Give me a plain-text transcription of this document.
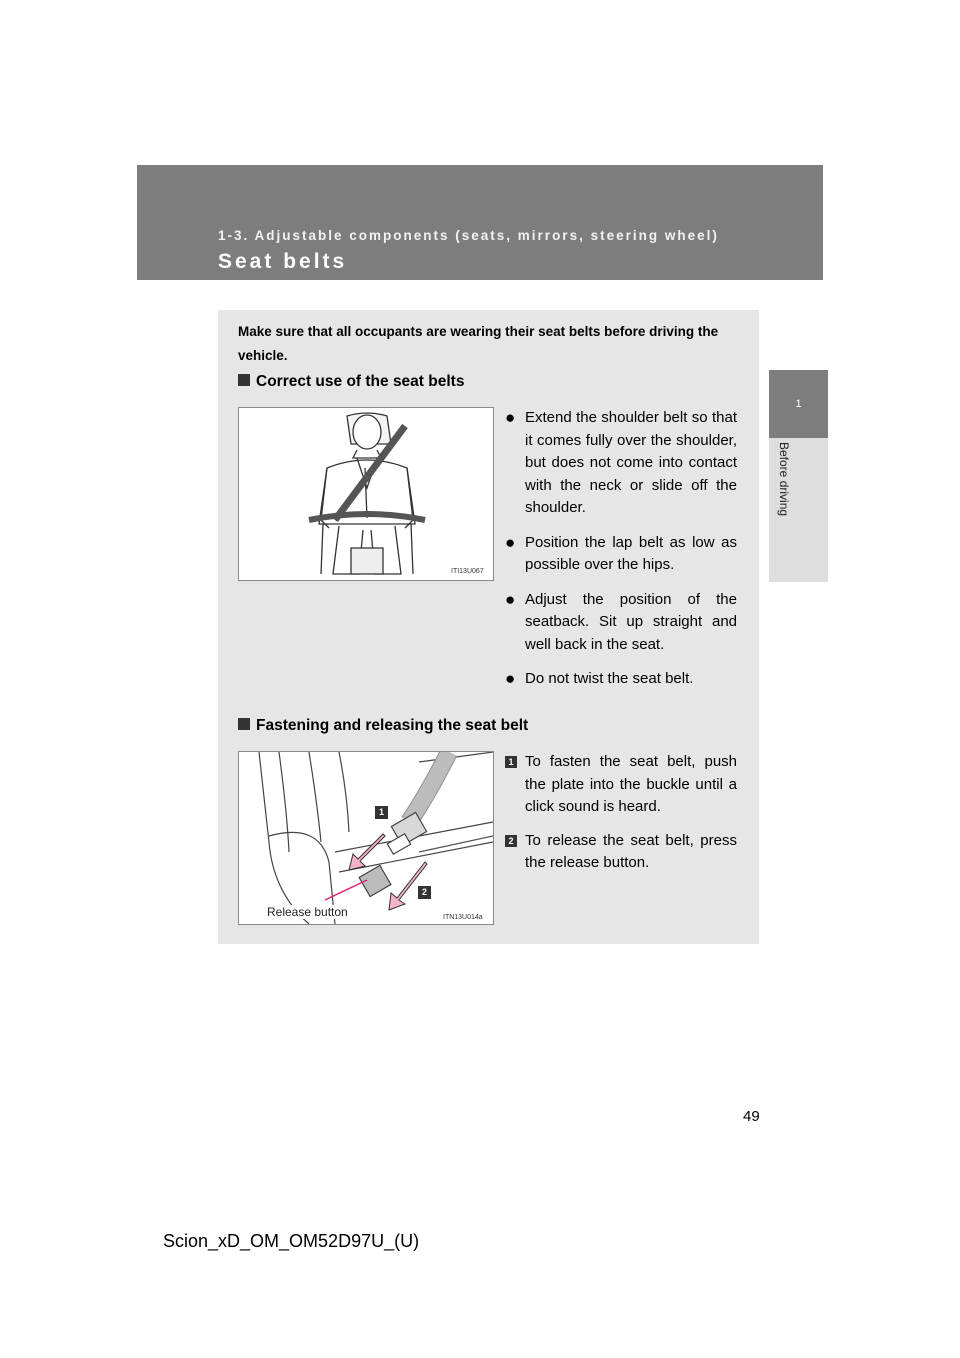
1-3. Adjustable components (seats, mirrors, steering wheel)
Seat belts
1
Before driving

Make sure that all occupants are wearing their seat belts before driving the vehicle.

Correct use of the seat belts
ITI13U067
● Extend the shoulder belt so that it comes fully over the shoulder, but does not come into contact with the neck or slide off the shoulder.
● Position the lap belt as low as possible over the hips.
● Adjust the position of the seatback. Sit up straight and well back in the seat.
● Do not twist the seat belt.
Fastening and releasing the seat belt
1
2
ITN13U014a
Release button
1 To fasten the seat belt, push the plate into the buckle until a click sound is heard.
2 To release the seat belt, press the release button.
49
Scion_xD_OM_OM52D97U_(U)
